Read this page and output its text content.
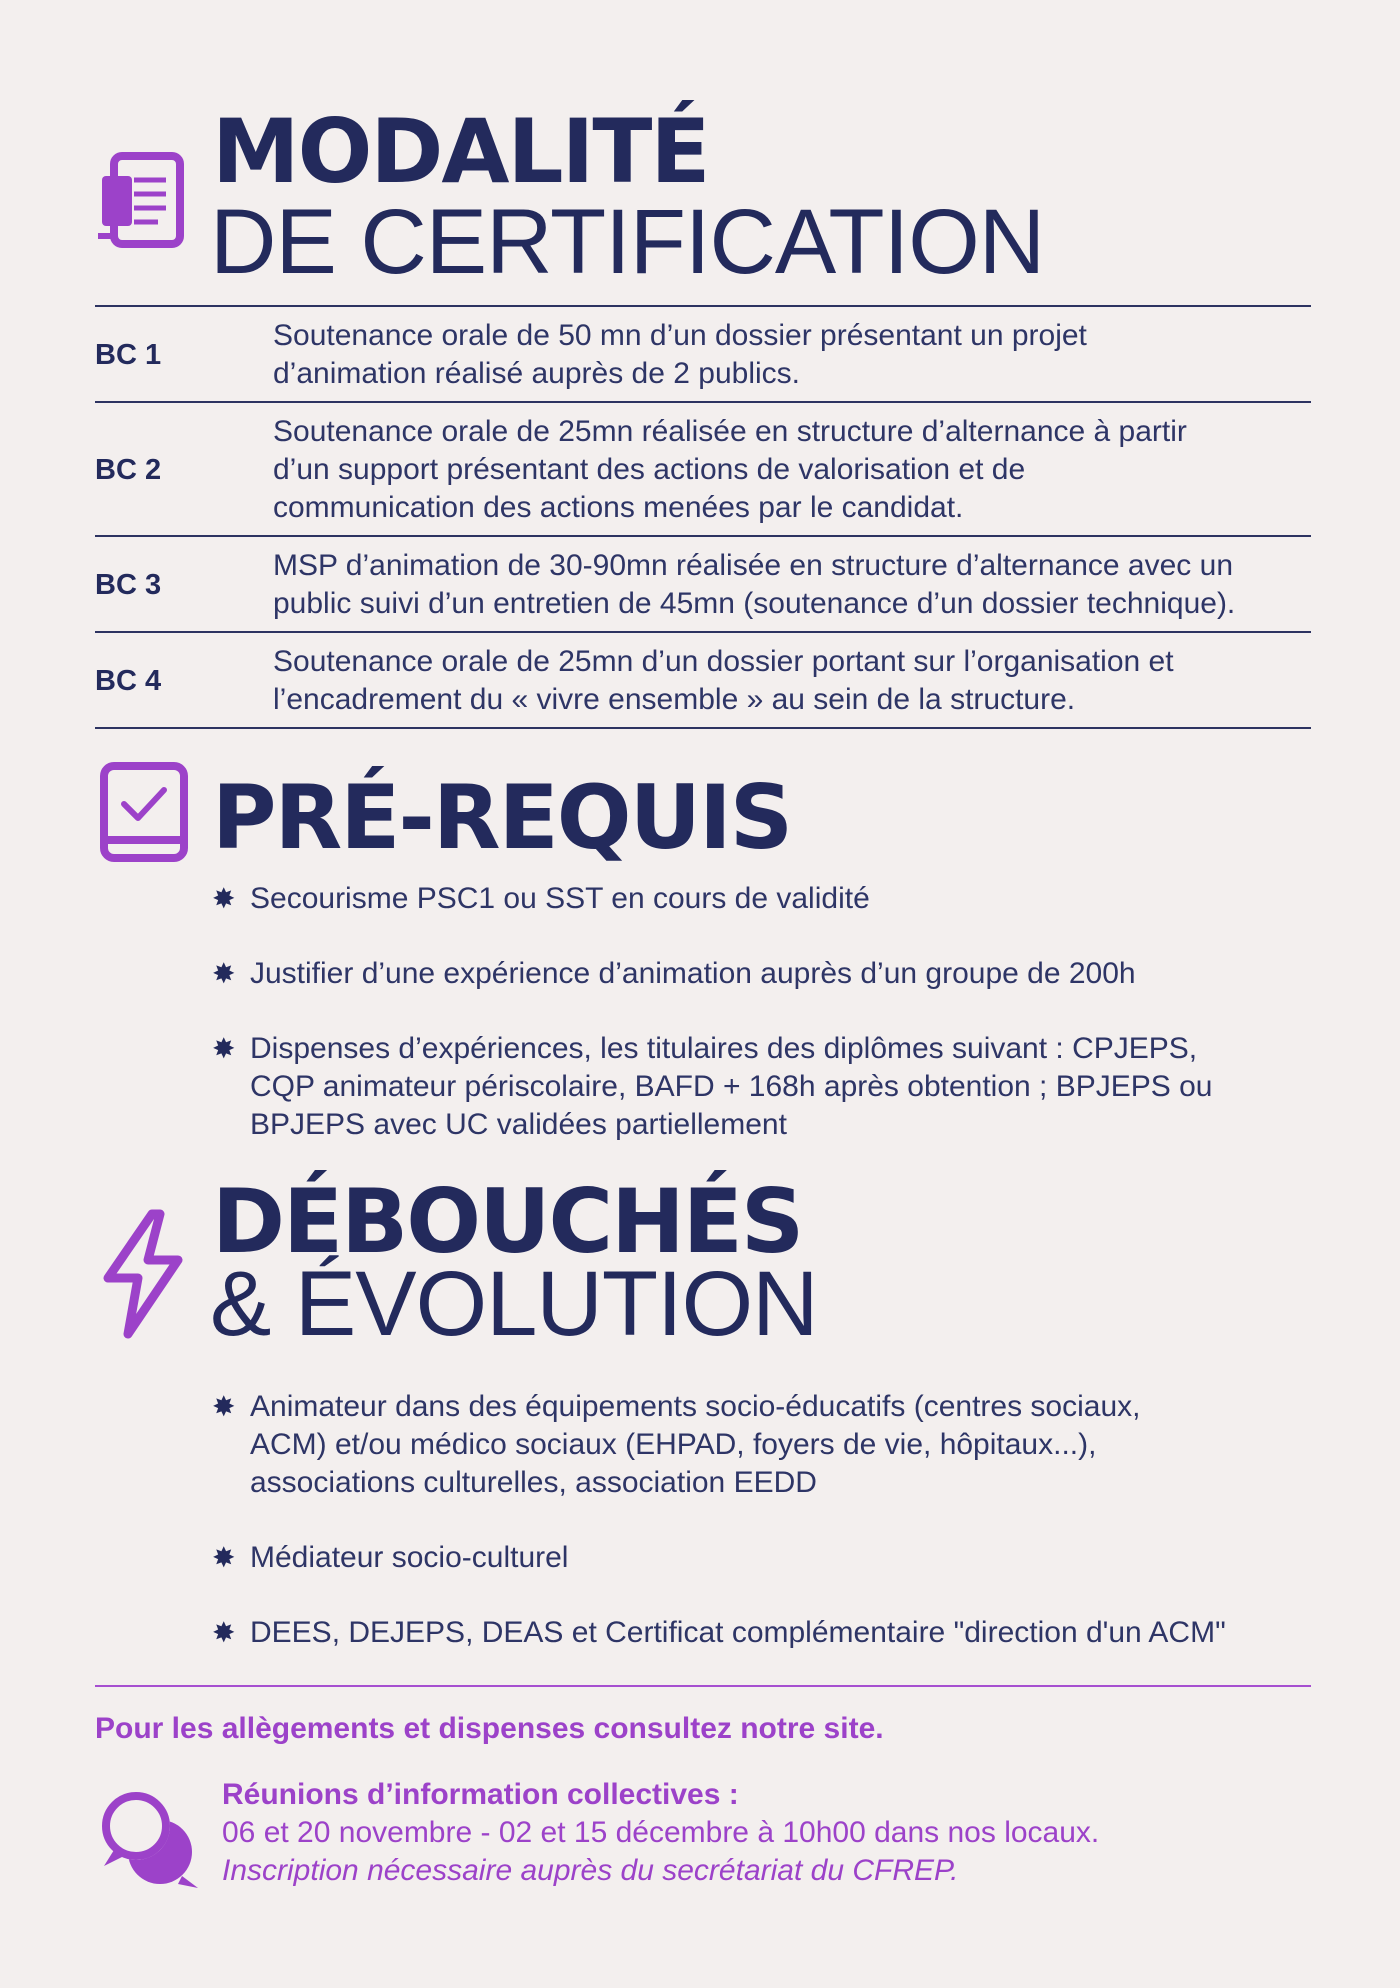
MODALITÉ
DE CERTIFICATION
BC 1
Soutenance orale de 50 mn d’un dossier présentant un projet
d’animation réalisé auprès de 2 publics.
BC 2
Soutenance orale de 25mn réalisée en structure d’alternance à partir
d’un support présentant des actions de valorisation et de
communication des actions menées par le candidat.
BC 3
MSP d’animation de 30-90mn réalisée en structure d’alternance avec un
public suivi d’un entretien de 45mn (soutenance d’un dossier technique).
BC 4
Soutenance orale de 25mn d’un dossier portant sur l’organisation et
l’encadrement du « vivre ensemble » au sein de la structure.
PRÉ-REQUIS
✸ Secourisme PSC1 ou SST en cours de validité
✸ Justifier d’une expérience d’animation auprès d’un groupe de 200h
✸ Dispenses d’expériences, les titulaires des diplômes suivant : CPJEPS,
CQP animateur périscolaire, BAFD + 168h après obtention ; BPJEPS ou
BPJEPS avec UC validées partiellement
DÉBOUCHÉS
& ÉVOLUTION
✸ Animateur dans des équipements socio-éducatifs (centres sociaux,
ACM) et/ou médico sociaux (EHPAD, foyers de vie, hôpitaux...),
associations culturelles, association EEDD
✸ Médiateur socio-culturel
✸ DEES, DEJEPS, DEAS et Certificat complémentaire "direction d'un ACM"

Pour les allègements et dispenses consultez notre site.

Réunions d’information collectives :

06 et 20 novembre - 02 et 15 décembre à 10h00 dans nos locaux.

Inscription nécessaire auprès du secrétariat du CFREP.
